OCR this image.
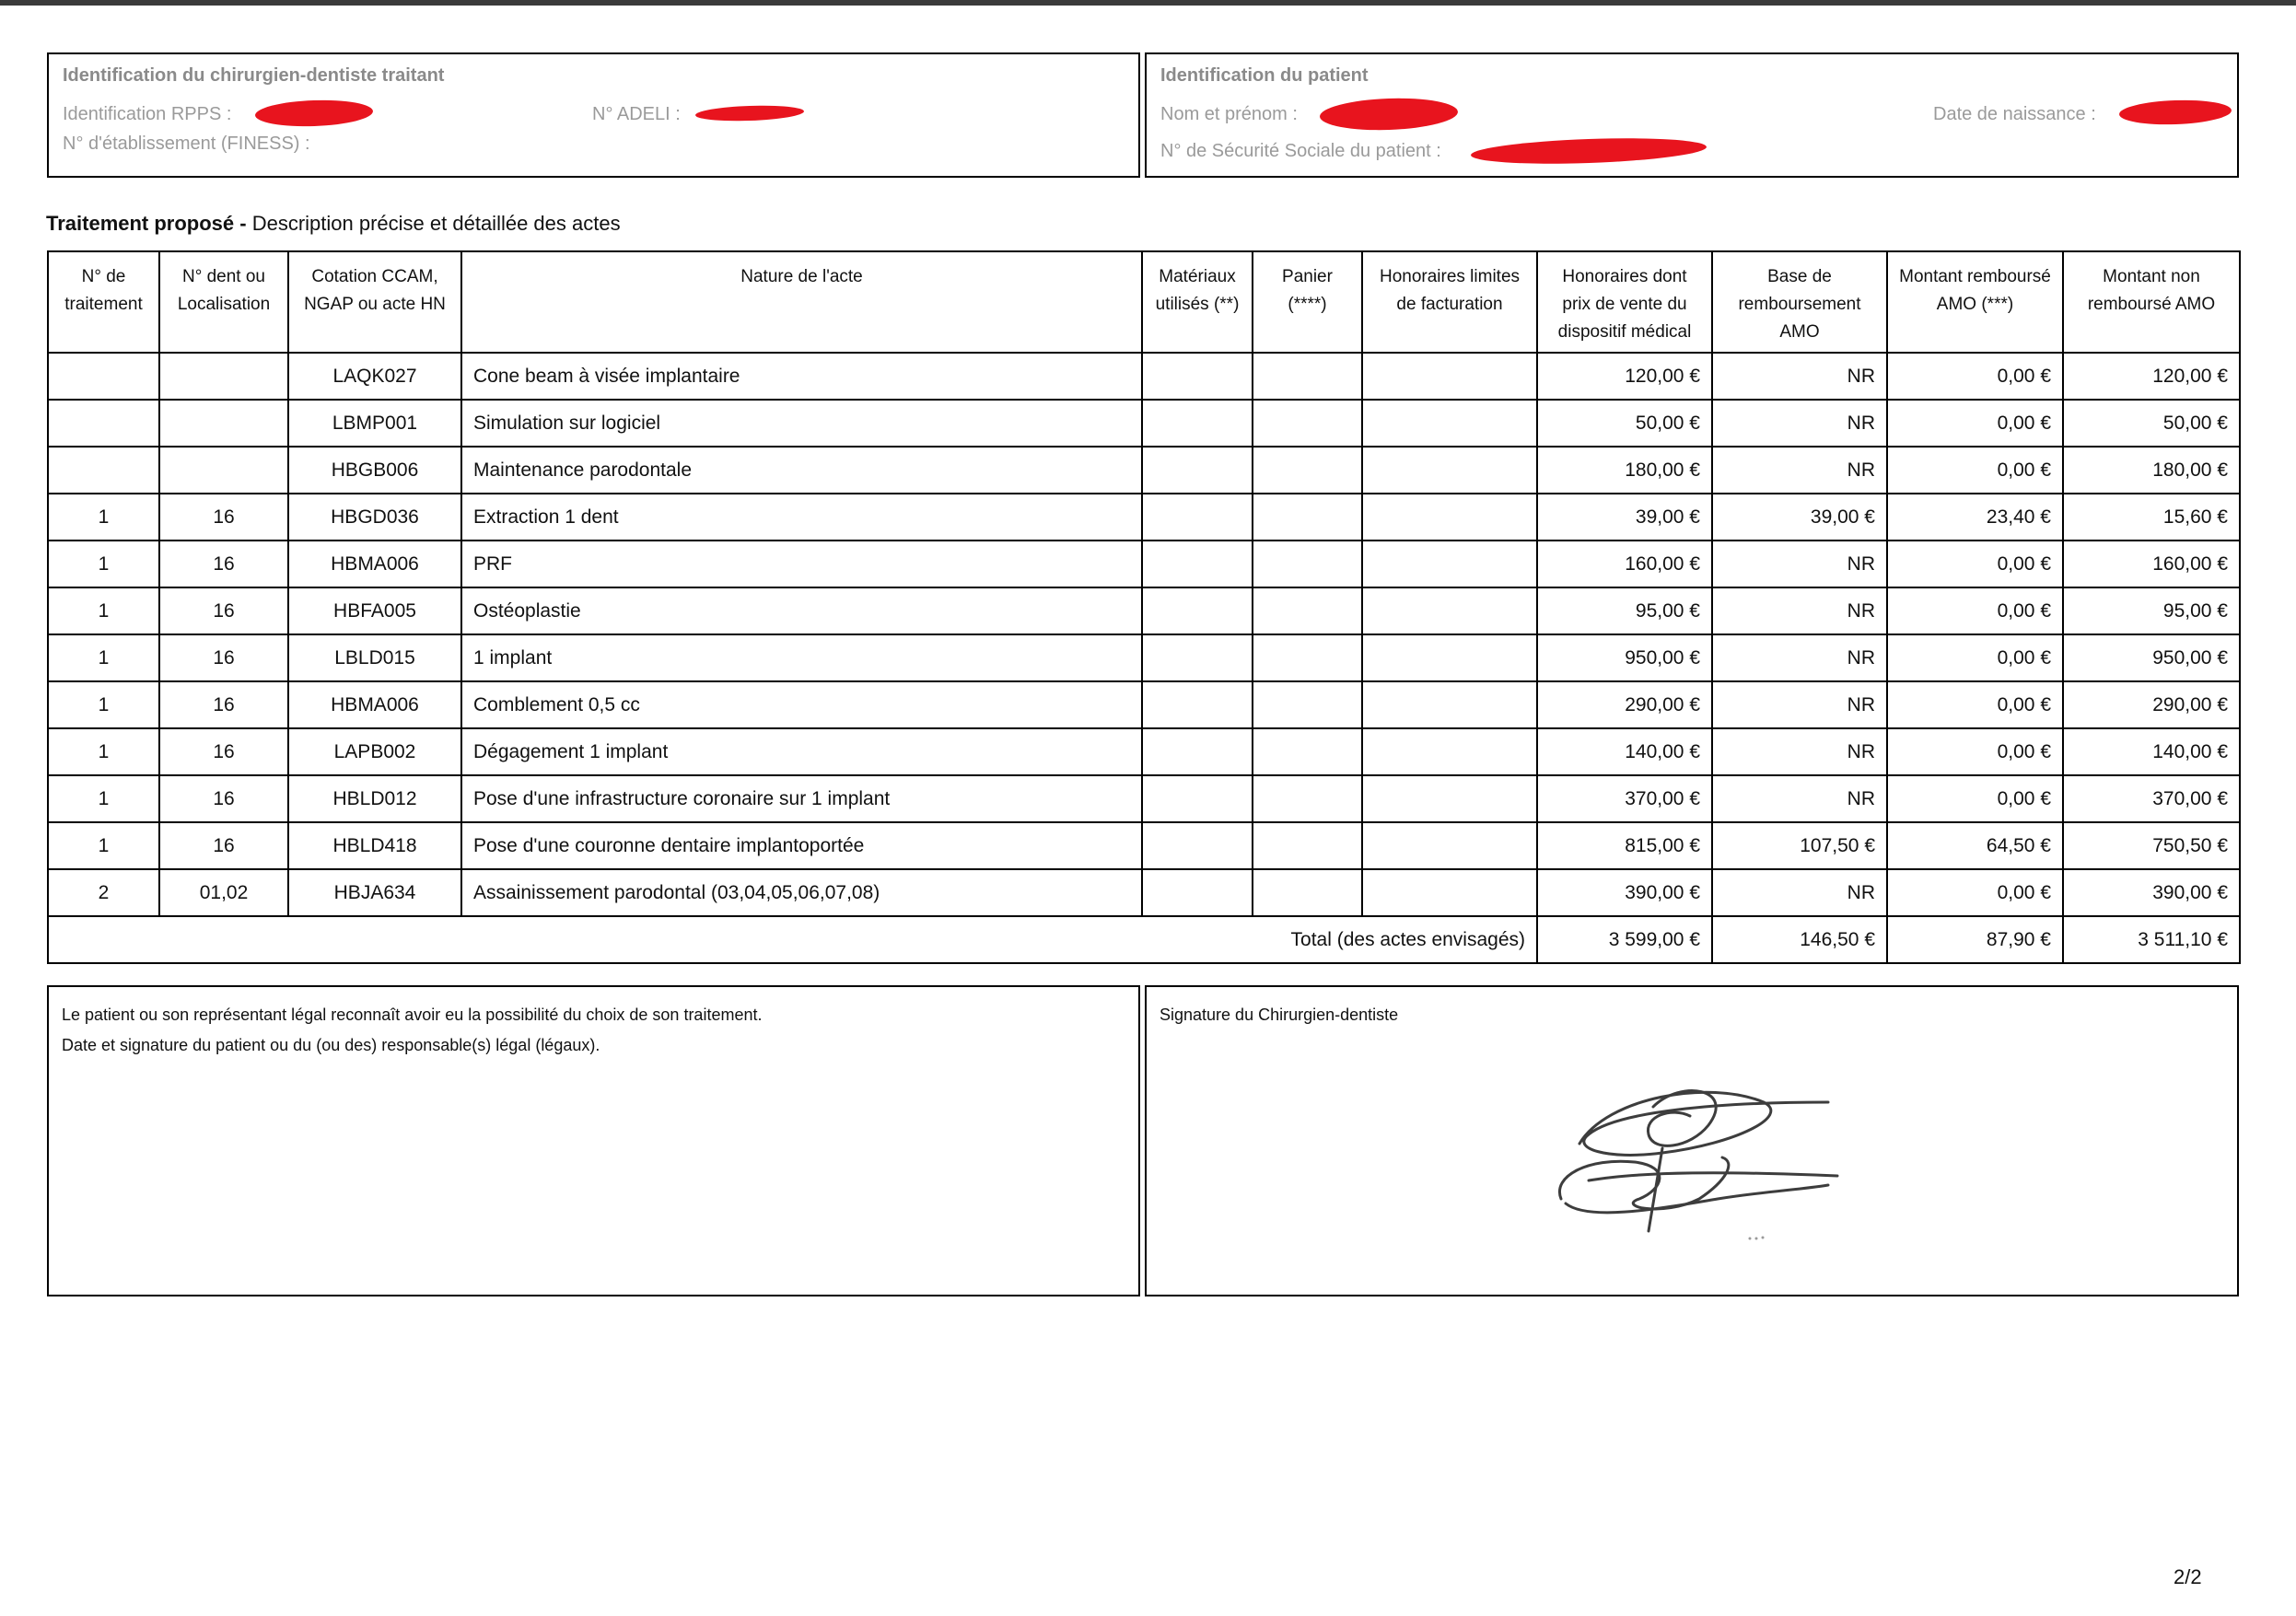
Identification du chirurgien-dentiste traitant
Identification RPPS :	N° ADELI :
N° d'établissement (FINESS) :
Identification du patient
Nom et prénom :	Date de naissance :
N° de Sécurité Sociale du patient :
Traitement proposé - Description précise et détaillée des actes
N° de traitement	N° dent ou Localisation	Cotation CCAM, NGAP ou acte HN	Nature de l'acte	Matériaux utilisés (**)	Panier (****)	Honoraires limites de facturation	Honoraires dont prix de vente du dispositif médical	Base de remboursement AMO	Montant remboursé AMO (***)	Montant non remboursé AMO
		LAQK027	Cone beam à visée implantaire				120,00 €	NR	0,00 €	120,00 €
		LBMP001	Simulation sur logiciel				50,00 €	NR	0,00 €	50,00 €
		HBGB006	Maintenance parodontale				180,00 €	NR	0,00 €	180,00 €
1	16	HBGD036	Extraction 1 dent				39,00 €	39,00 €	23,40 €	15,60 €
1	16	HBMA006	PRF				160,00 €	NR	0,00 €	160,00 €
1	16	HBFA005	Ostéoplastie				95,00 €	NR	0,00 €	95,00 €
1	16	LBLD015	1 implant				950,00 €	NR	0,00 €	950,00 €
1	16	HBMA006	Comblement 0,5 cc				290,00 €	NR	0,00 €	290,00 €
1	16	LAPB002	Dégagement 1 implant				140,00 €	NR	0,00 €	140,00 €
1	16	HBLD012	Pose d'une infrastructure coronaire sur 1 implant				370,00 €	NR	0,00 €	370,00 €
1	16	HBLD418	Pose d'une couronne dentaire implantoportée				815,00 €	107,50 €	64,50 €	750,50 €
2	01,02	HBJA634	Assainissement parodontal (03,04,05,06,07,08)				390,00 €	NR	0,00 €	390,00 €
Total (des actes envisagés)							3 599,00 €	146,50 €	87,90 €	3 511,10 €
Le patient ou son représentant légal reconnaît avoir eu la possibilité du choix de son traitement.
Date et signature du patient ou du (ou des) responsable(s) légal (légaux).
Signature du Chirurgien-dentiste
2/2
